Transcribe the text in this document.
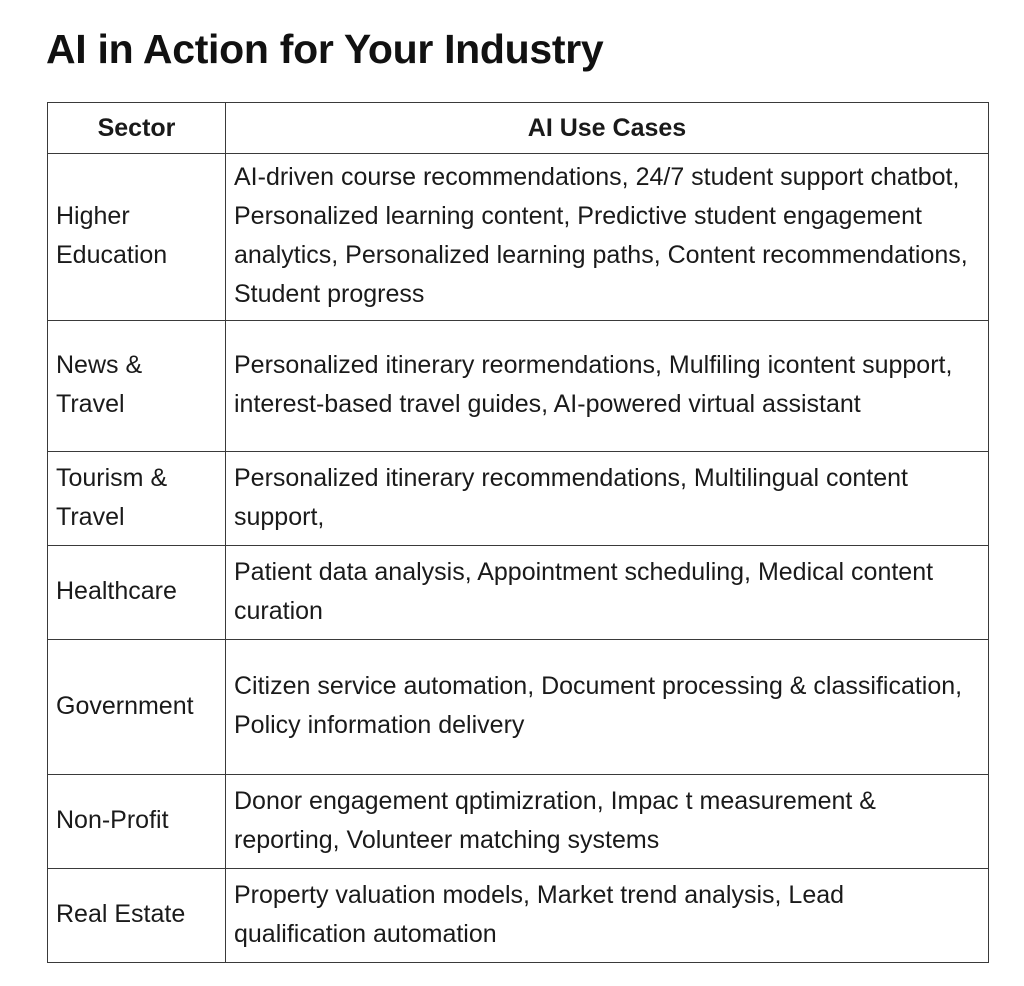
AI in Action for Your Industry
Sector	AI Use Cases

Higher Education	AI-driven course recommendations, 24/7 student support chatbot, Personalized learning content, Predictive student engagement analytics, Personalized learning paths, Content recommendations, Student progress

News & Travel	Personalized itinerary reormendations, Mulfiling icontent support, interest-based travel guides, AI-powered virtual assistant

Tourism & Travel	Personalized itinerary recommendations, Multilingual content support,

Healthcare	Patient data analysis, Appointment scheduling, Medical content curation

Government	Citizen service automation, Document processing & classification, Policy information delivery

Non-Profit	Donor engagement qptimizration, Impac t measurement & reporting, Volunteer matching systems

Real Estate	Property valuation models, Market trend analysis, Lead qualification automation
